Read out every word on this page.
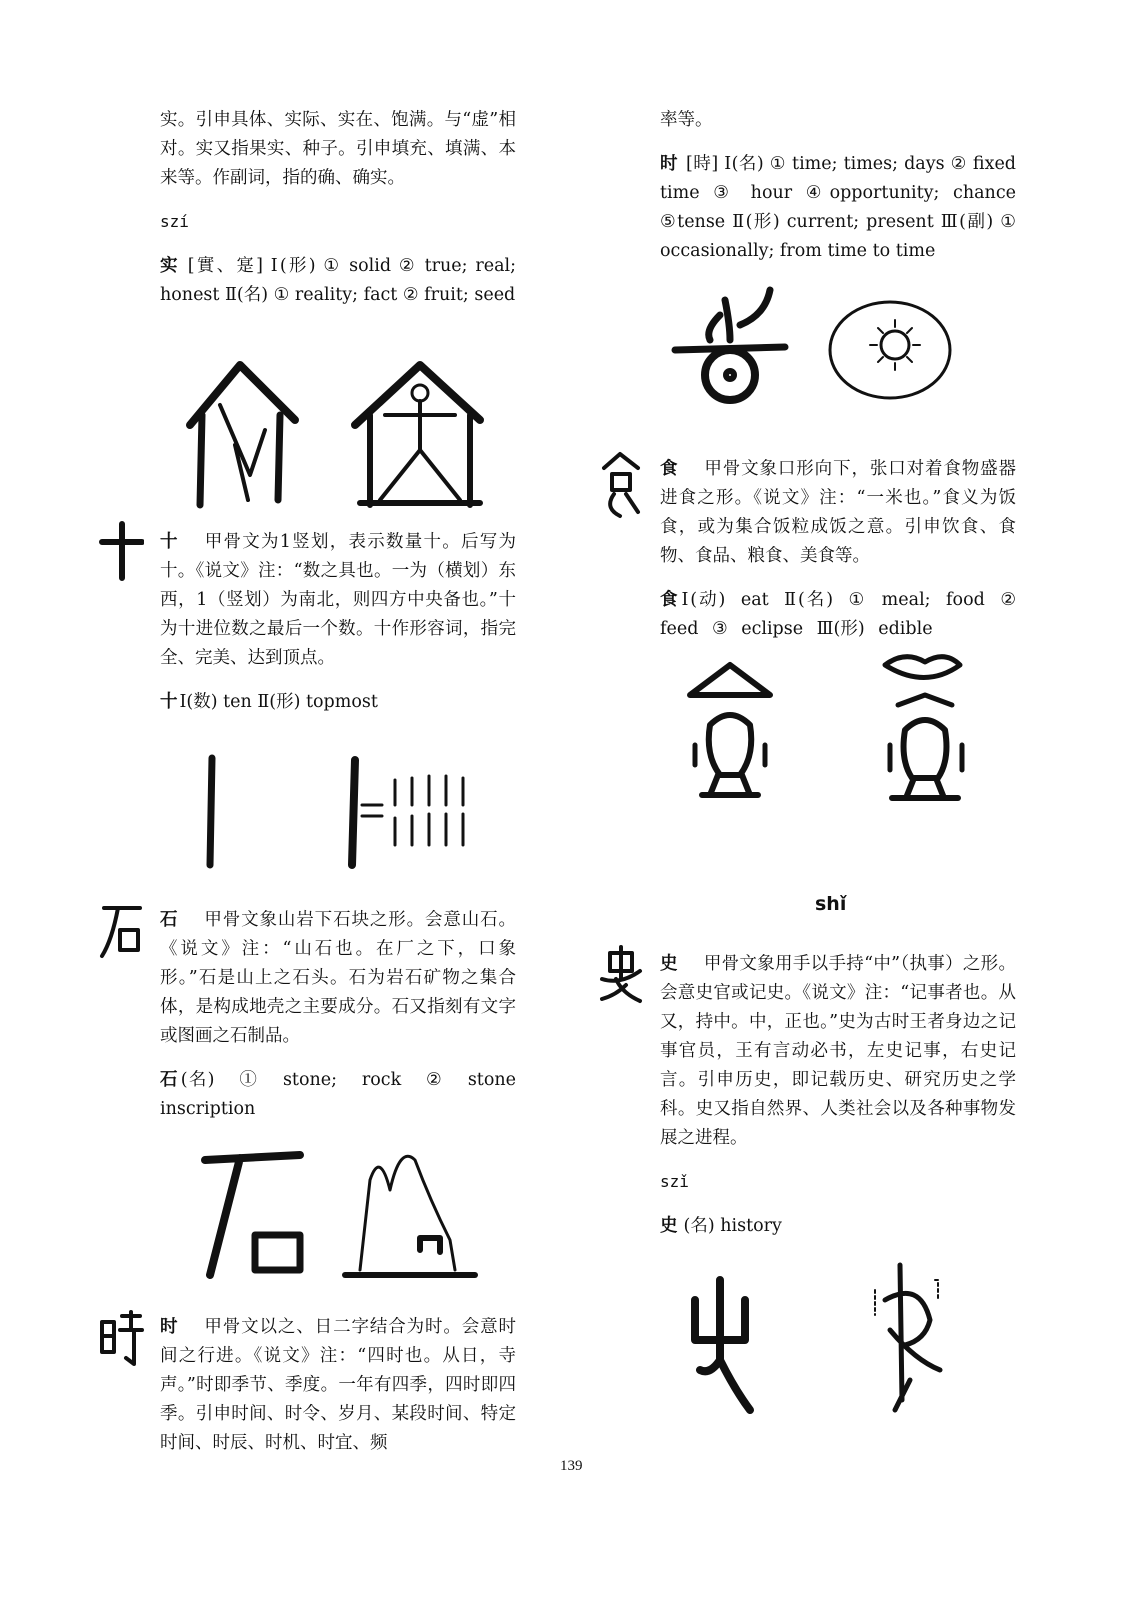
实。引申具体、实际、实在、饱满。与“虚”相对。实又指果实、种子。引申填充、填满、本来等。作副词，指的确、确实。
szí
实 [實、寔] Ⅰ(形) ① solid ② true; real; honest Ⅱ(名) ① reality; fact ② fruit; seed
十 甲骨文为1竖划，表示数量十。后写为十。《说文》注：“数之具也。一为（横划）东西，1（竖划）为南北，则四方中央备也。”十为十进位数之最后一个数。十作形容词，指完全、完美、达到顶点。
十 Ⅰ(数) ten Ⅱ(形) topmost
石 甲骨文象山岩下石块之形。会意山石。《说文》注：“山石也。在厂之下，口象形。”石是山上之石头。石为岩石矿物之集合体，是构成地壳之主要成分。石又指刻有文字或图画之石制品。
石 (名) ① stone; rock ② stone inscription
时 甲骨文以之、日二字结合为时。会意时间之行进。《说文》注：“四时也。从日，寺声。”时即季节、季度。一年有四季，四时即四季。引申时间、时令、岁月、某段时间、特定时间、时辰、时机、时宜、频
139
率等。
时 [時] Ⅰ(名) ① time; times; days ② fixed time ③ hour ④opportunity; chance ⑤tense Ⅱ(形) current; present Ⅲ(副) ① occasionally; from time to time
食 甲骨文象口形向下，张口对着食物盛器进食之形。《说文》注：“一米也。”食义为饭食，或为集合饭粒成饭之意。引申饮食、食物、食品、粮食、美食等。
食 Ⅰ(动) eat Ⅱ(名) ① meal; food ② feed ③ eclipse Ⅲ(形) edible
shǐ
史 甲骨文象用手以手持“中”（执事）之形。会意史官或记史。《说文》注：“记事者也。从又，持中。中，正也。”史为古时王者身边之记事官员，王有言动必书，左史记事，右史记言。引申历史，即记载历史、研究历史之学科。史又指自然界、人类社会以及各种事物发展之进程。
szǐ
史 (名) history
